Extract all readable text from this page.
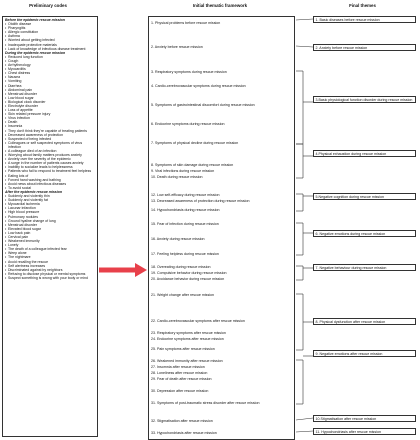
Preliminary codes	Initial thematic framework	Final themes
Before the epidemic rescue mission
• Otolith disease
• Pharyngitis
• Allergic constitution
• Asthma
• Worried about getting infected
• Inadequate protective materials
• Lack of knowledge of infectious disease treatment
During the epidemic rescue mission
• Reduced lung function
• Cough
• Arrhythmology
• Myocarditis
• Chest distress
• Nausea
• Vomiting
• Diarrhea
• Abdominal pain
• Menstrual disorder
• Low blood sugar
• Biological clock disorder
• Electrolyte disorder
• Loss of appetite
• Skin related pressure injury
• Virus infection
• Death
• Insomnia
• They don't think they're capable of treating patients
• Decreased awareness of protection
• Suspected of being infected
• Colleagues or self suspected symptoms of virus infection
• A colleague died of an infection
• Worrying about family matters produces anxiety
• Anxiety over the severity of the epidemic
• A surge in the number of patients causes anxiety
• Inability to socialize leads to helplessness
• Patients who fail to respond to treatment feel helpless
• Eating lots of
• Forced hand washing and bathing
• Avoid news about infectious diseases
• To avoid social
After the epidemic rescue mission
• Suddenly and violently thin
• Suddenly and violently fat
• Myocardial ischemia
• Lacunar infarction
• High blood pressure
• Pulmonary nodules
• Ground hyaline change of lung
• Menstrual disorder
• Elevated blood sugar
• Low back pain
• Cervical pain
• Weakened immunity
• Lonely
• The death of a colleague infected fear
• Weep alone
• The nightmare
• Avoid recalling the rescue
• Self alertness increases
• Discriminated against by neighbors
• Refusing to disclose physical or mental symptoms
• Suspect something is wrong with your body or mind
1. Physical problems before rescue mission
2. Anxiety before rescue mission
3. Respiratory symptoms during rescue mission
4. Cardio-cerebrovascular symptoms during rescue mission
5. Symptoms of gastrointestinal discomfort during rescue mission
6. Endocrine symptoms during rescue mission
7. Symptoms of physical decline during rescue mission
8. Symptoms of skin damage during rescue mission
9. Viral infections during rescue mission
10. Death during rescue mission
12. Low self-efficacy during rescue mission
13. Decreased awareness of protection during rescue mission
14. Hypochondriasis during rescue mission
15. Fear of infection during rescue mission
16. Anxiety during rescue mission
17. Feeling helpless during rescue mission
18. Overeating during rescue mission
19. Compulsive behavior during rescue mission
20. Avoidance behavior during rescue mission
21. Weight change after rescue mission
22. Cardio-cerebrovascular symptoms after rescue mission
23. Respiratory symptoms after rescue mission
24. Endocrine symptoms after rescue mission
25. Pain symptoms after rescue mission
26. Weakened immunity after rescue mission
27. Insomnia after rescue mission
28. Loneliness after rescue mission
29. Fear of death after rescue mission
30. Depression after rescue mission
31. Symptoms of post-traumatic stress disorder after rescue mission
32. Stigmatisation after rescue mission
33. Hypochondriasis after rescue mission
1. Basic diseases before rescue mission
2. Anxiety before rescue mission
3.Basic physiological function disorder during rescue mission
4.Physical exhaustion during rescue mission
5.Negative cognition during rescue mission
6. Negative emotions during rescue mission
7. Negative behaviour during rescue mission
8. Physical dysfunction after rescue mission
9. Negative emotions after rescue mission
10.Stigmatisation after rescue mission
11. Hypochondriasis after rescue mission
